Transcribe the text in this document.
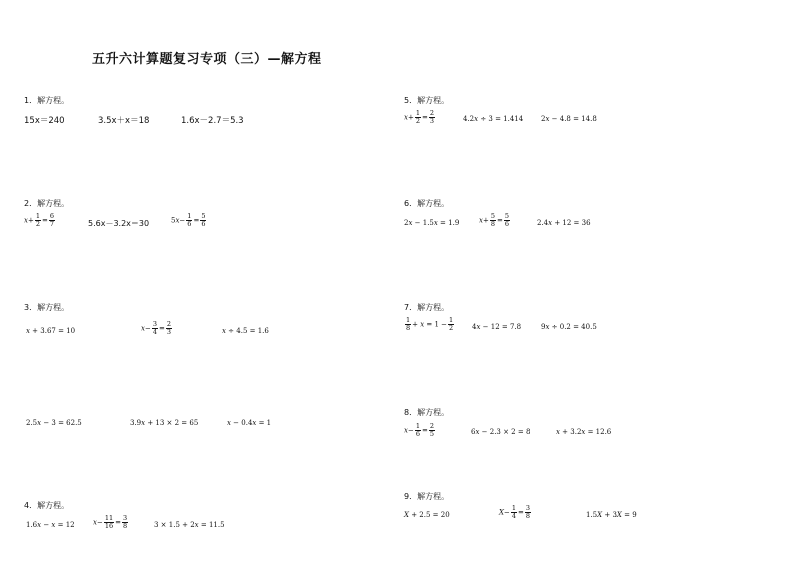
五升六计算题复习专项（三）—解方程
1．解方程。
15x＝240	3.5x＋x＝18	1.6x－2.7＝5.3
2．解方程。
$x+ \frac{1}{2} = \frac{6}{7}$	5.6x－3.2x＝30	$5x- \frac{1}{6} = \frac{5}{6}$
3．解方程。
x + 3.67 = 10	$x- \frac{3}{4} = \frac{2}{3}$	x ÷ 4.5 = 1.6
2.5x − 3 = 62.5	3.9x + 13 × 2 = 65	x − 0.4x = 1
4．解方程。
1.6x − x = 12	$x- \frac{11}{16} = \frac{3}{8}$	3 × 1.5 + 2x = 11.5
5．解方程。
$x+ \frac{1}{2} = \frac{2}{3}$	4.2x ÷ 3 = 1.414	2x − 4.8 = 14.8
6．解方程。
2x − 1.5x = 1.9	$x+ \frac{5}{8} = \frac{5}{6}$	2.4x + 12 = 36
7．解方程。
$\frac{1}{8} + x = 1 - \frac{1}{2}$	4x − 12 = 7.8	9x ÷ 0.2 = 40.5
8．解方程。
$x- \frac{1}{6} = \frac{2}{5}$	6x − 2.3 × 2 = 8	x + 3.2x = 12.6
9．解方程。
X + 2.5 = 20	$X- \frac{1}{4} = \frac{3}{8}$	1.5X + 3X = 9
